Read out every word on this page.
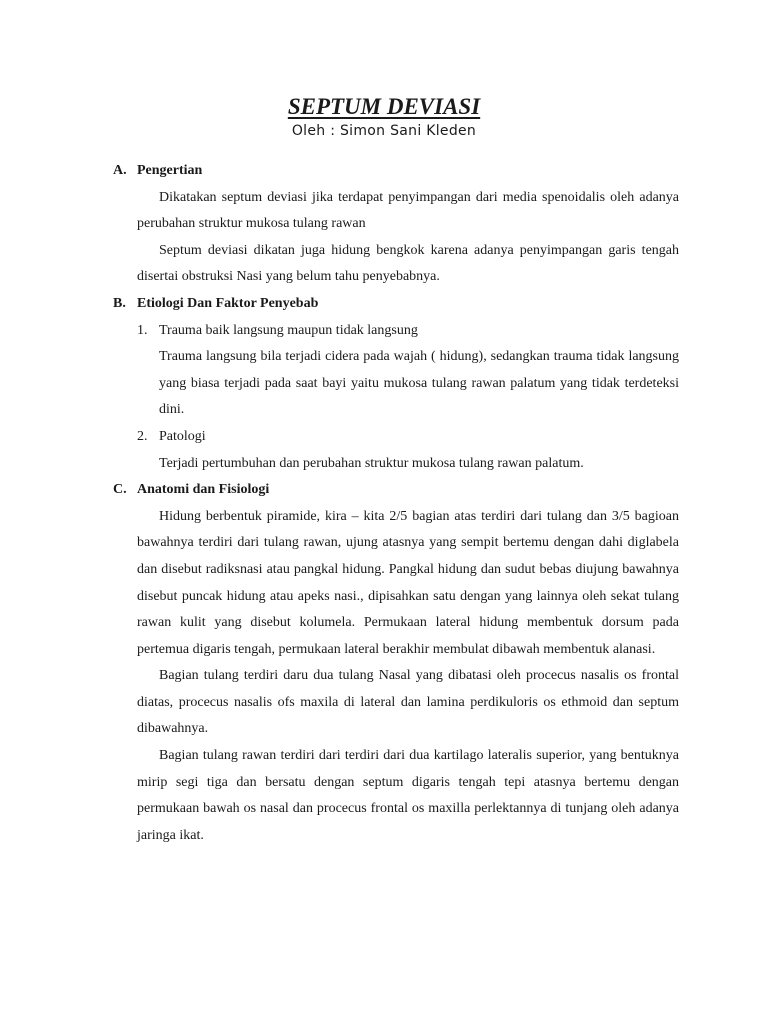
SEPTUM DEVIASI
Oleh : Simon Sani Kleden
A. Pengertian
Dikatakan septum deviasi jika terdapat penyimpangan dari media spenoidalis oleh adanya perubahan struktur mukosa tulang rawan
Septum deviasi dikatan juga hidung bengkok karena adanya penyimpangan garis tengah disertai obstruksi Nasi yang belum tahu penyebabnya.
B. Etiologi Dan Faktor Penyebab
1. Trauma baik langsung maupun tidak langsung
Trauma langsung bila terjadi cidera pada wajah ( hidung), sedangkan trauma tidak langsung yang biasa terjadi pada saat bayi yaitu mukosa tulang rawan palatum yang tidak terdeteksi dini.
2. Patologi
Terjadi pertumbuhan dan perubahan struktur mukosa tulang rawan palatum.
C. Anatomi dan Fisiologi
Hidung berbentuk piramide, kira – kita 2/5 bagian atas terdiri dari tulang dan 3/5 bagioan bawahnya terdiri dari tulang rawan, ujung atasnya yang sempit bertemu dengan dahi diglabela dan disebut radiksnasi atau pangkal hidung. Pangkal hidung dan sudut bebas diujung bawahnya disebut puncak hidung atau apeks nasi., dipisahkan satu dengan yang lainnya oleh sekat tulang rawan kulit yang disebut kolumela. Permukaan lateral hidung membentuk dorsum pada pertemua digaris tengah, permukaan lateral berakhir membulat dibawah membentuk alanasi.
Bagian tulang terdiri daru dua tulang Nasal yang dibatasi oleh procecus nasalis os frontal diatas, procecus nasalis ofs maxila di lateral dan lamina perdikuloris os ethmoid dan septum dibawahnya.
Bagian tulang rawan terdiri dari terdiri dari dua kartilago lateralis superior, yang bentuknya mirip segi tiga dan bersatu dengan septum digaris tengah tepi atasnya bertemu dengan permukaan bawah os nasal dan procecus frontal os maxilla perlektannya di tunjang oleh adanya jaringa ikat.
